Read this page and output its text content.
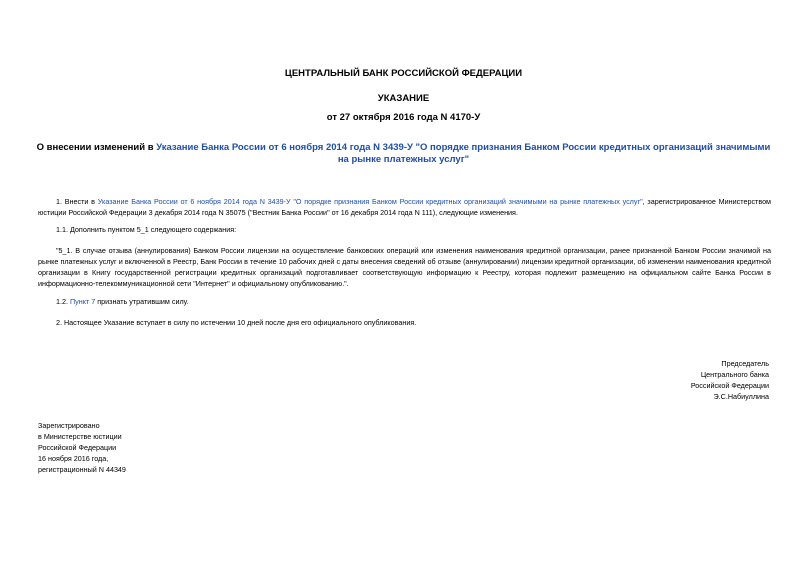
ЦЕНТРАЛЬНЫЙ БАНК РОССИЙСКОЙ ФЕДЕРАЦИИ
УКАЗАНИЕ
от 27 октября 2016 года N 4170-У
О внесении изменений в Указание Банка России от 6 ноября 2014 года N 3439-У "О порядке признания Банком России кредитных организаций значимыми на рынке платежных услуг"
1. Внести в Указание Банка России от 6 ноября 2014 года N 3439-У "О порядке признания Банком России кредитных организаций значимыми на рынке платежных услуг", зарегистрированное Министерством юстиции Российской Федерации 3 декабря 2014 года N 35075 ("Вестник Банка России" от 16 декабря 2014 года N 111), следующие изменения.
1.1. Дополнить пунктом 5_1 следующего содержания:
"5_1. В случае отзыва (аннулирования) Банком России лицензии на осуществление банковских операций или изменения наименования кредитной организации, ранее признанной Банком России значимой на рынке платежных услуг и включенной в Реестр, Банк России в течение 10 рабочих дней с даты внесения сведений об отзыве (аннулировании) лицензии кредитной организации, об изменении наименования кредитной организации в Книгу государственной регистрации кредитных организаций подготавливает соответствующую информацию к Реестру, которая подлежит размещению на официальном сайте Банка России в информационно-телекоммуникационной сети "Интернет" и официальному опубликованию.".
1.2. Пункт 7 признать утратившим силу.
2. Настоящее Указание вступает в силу по истечении 10 дней после дня его официального опубликования.
Председатель
Центрального банка
Российской Федерации
Э.С.Набиуллина
Зарегистрировано
в Министерстве юстиции
Российской Федерации
16 ноября 2016 года,
регистрационный N 44349
